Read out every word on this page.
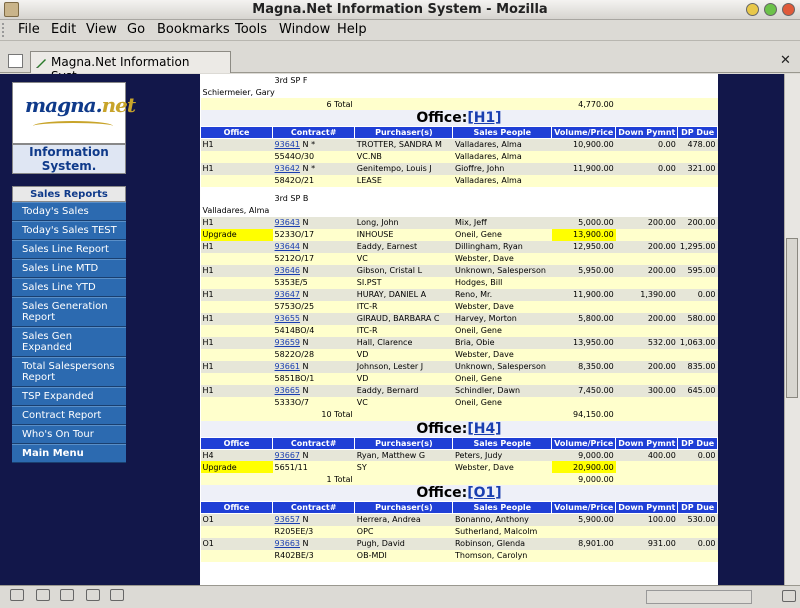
Magna.Net Information System - Mozilla
File Edit View Go Bookmarks Tools Window Help
Magna.Net Information	✕
magna.net
Information
System.
Sales Reports
Today's Sales
Today's Sales TEST
Sales Line Report
Sales Line MTD
Sales Line YTD
Sales Generation Report
Sales Gen Expanded
Total Salespersons Report
TSP Expanded
Contract Report
Who's On Tour
Main Menu
	3rd SP F					
Schiermeier, Gary						
6 Total				4,770.00		
Office:[H1]						
Office	Contract#	Purchaser(s)	Sales People	Volume/Price	Down Pymnt	DP Due
H1	93641 N *	TROTTER, SANDRA M	Valladares, Alma	10,900.00	0.00	478.00
	5544O/30	VC.NB	Valladares, Alma			
H1	93642 N *	Genitempo, Louis J	Gioffre, John	11,900.00	0.00	321.00
	5842O/21	LEASE	Valladares, Alma			

	3rd SP B					
Valladares, Alma						
H1	93643 N	Long, John	Mix, Jeff	5,000.00	200.00	200.00
Upgrade	5233O/17	INHOUSE	Oneil, Gene	13,900.00		
H1	93644 N	Eaddy, Earnest	Dillingham, Ryan	12,950.00	200.00	1,295.00
	5212O/17	VC	Webster, Dave			
H1	93646 N	Gibson, Cristal L	Unknown, Salesperson	5,950.00	200.00	595.00
	5353E/5	SI.PST	Hodges, Bill			
H1	93647 N	HURAY, DANIEL A	Reno, Mr.	11,900.00	1,390.00	0.00
	5753O/25	ITC-R	Webster, Dave			
H1	93655 N	GIRAUD, BARBARA C	Harvey, Morton	5,800.00	200.00	580.00
	5414BO/4	ITC-R	Oneil, Gene			
H1	93659 N	Hall, Clarence	Bria, Obie	13,950.00	532.00	1,063.00
	5822O/28	VD	Webster, Dave			
H1	93661 N	Johnson, Lester J	Unknown, Salesperson	8,350.00	200.00	835.00
	5851BO/1	VD	Oneil, Gene			
H1	93665 N	Eaddy, Bernard	Schindler, Dawn	7,450.00	300.00	645.00
	5333O/7	VC	Oneil, Gene			
10 Total				94,150.00		
Office:[H4]						
Office	Contract#	Purchaser(s)	Sales People	Volume/Price	Down Pymnt	DP Due
H4	93667 N	Ryan, Matthew G	Peters, Judy	9,000.00	400.00	0.00
Upgrade	5651/11	SY	Webster, Dave	20,900.00		
1 Total				9,000.00		
Office:[O1]						
Office	Contract#	Purchaser(s)	Sales People	Volume/Price	Down Pymnt	DP Due
O1	93657 N	Herrera, Andrea	Bonanno, Anthony	5,900.00	100.00	530.00
	R205EE/3	OPC	Sutherland, Malcolm			
O1	93663 N	Pugh, David	Robinson, Glenda	8,901.00	931.00	0.00
	R402BE/3	OB-MDI	Thomson, Carolyn			
